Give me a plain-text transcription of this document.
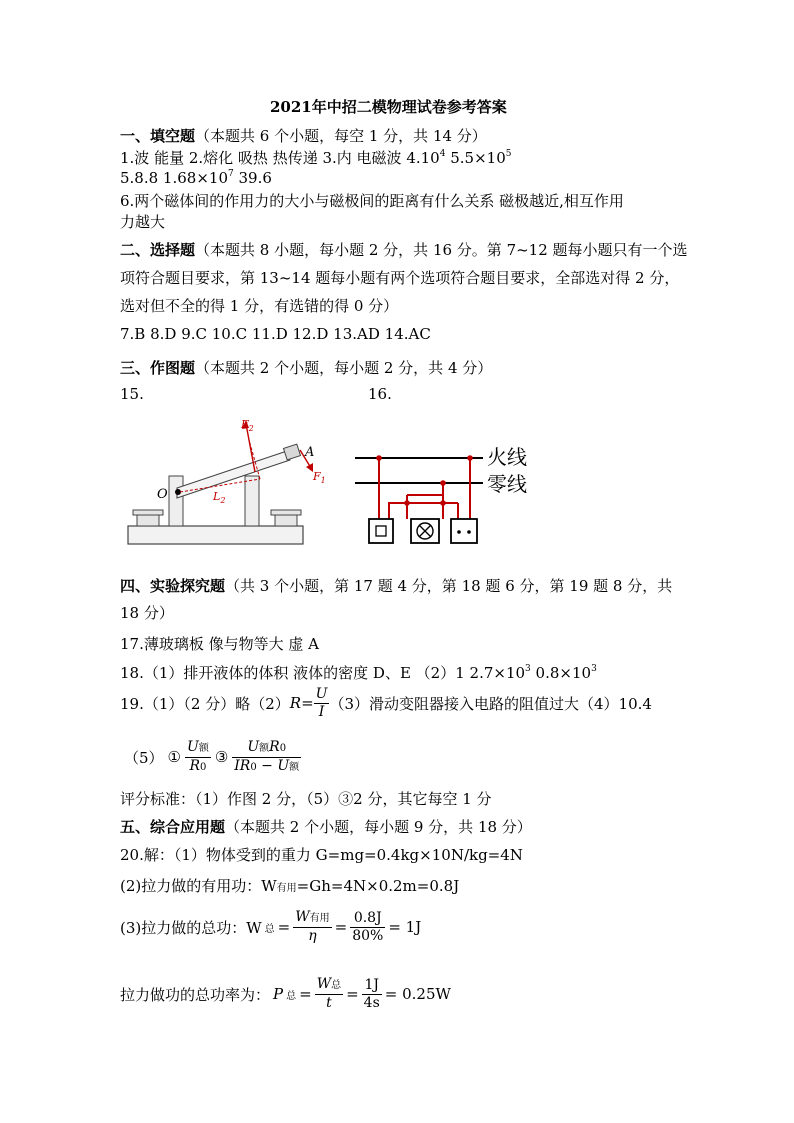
2021年中招二模物理试卷参考答案
一、填空题（本题共 6 个小题，每空 1 分，共 14 分）
1.波 能量 2.熔化 吸热 热传递 3.内 电磁波 4.10$^4$ $5.5\times 10^5$
5.8.8 $1.68\times 10^7$ 39.6
6.两个磁体间的作用力的大小与磁极间的距离有什么关系 磁极越近,相互作用
力越大
二、选择题（本题共 8 小题，每小题 2 分，共 16 分。第 7~12 题每小题只有一个选
项符合题目要求，第 13~14 题每小题有两个选项符合题目要求，全部选对得 2 分，
选对但不全的得 1 分，有选错的得 0 分）
7.B 8.D 9.C 10.C 11.D 12.D 13.AD 14.AC
三、作图题（本题共 2 个小题，每小题 2 分，共 4 分）
15.	16.
O
A
$F_2$
$F_1$
$L_2$
火线
零线
四、实验探究题（共 3 个小题，第 17 题 4 分，第 18 题 6 分，第 19 题 8 分，共
18 分）
17.薄玻璃板 像与物等大 虚 A
18.（1）排开液体的体积 液体的密度 D、E （2）1 $2.7\times 10^3$ $0.8\times 10^3$
19.（1）（2 分）略（2） $R = \frac{U}{I} (3)$滑动变阻器接入电路的阻值过大（4）10.4
（5） ① $\frac{\text{U额}}{R0}$ ③ $\frac{\text{U额R0}}{\text{IR0 − U额}}$
评分标准：（1）作图 2 分，（5）③2 分，其它每空 1 分
五、综合应用题（本题共 2 个小题，每小题 9 分，共 18 分）
20.解：（1）物体受到的重力 G=mg=0.4kg×10N/kg=4N
(2)拉力做的有用功：W有用=Gh=4N×0.2m=0.8J
(3)拉力做的总功：W 总 = $\frac{\text{W有用}}{\eta} = \frac{0.8J}{80\%} = 1J$
拉力做功的总功率为： P 总 = $\frac{\text{W总}}{t} = \frac{1J}{4s} = 0.25W$
